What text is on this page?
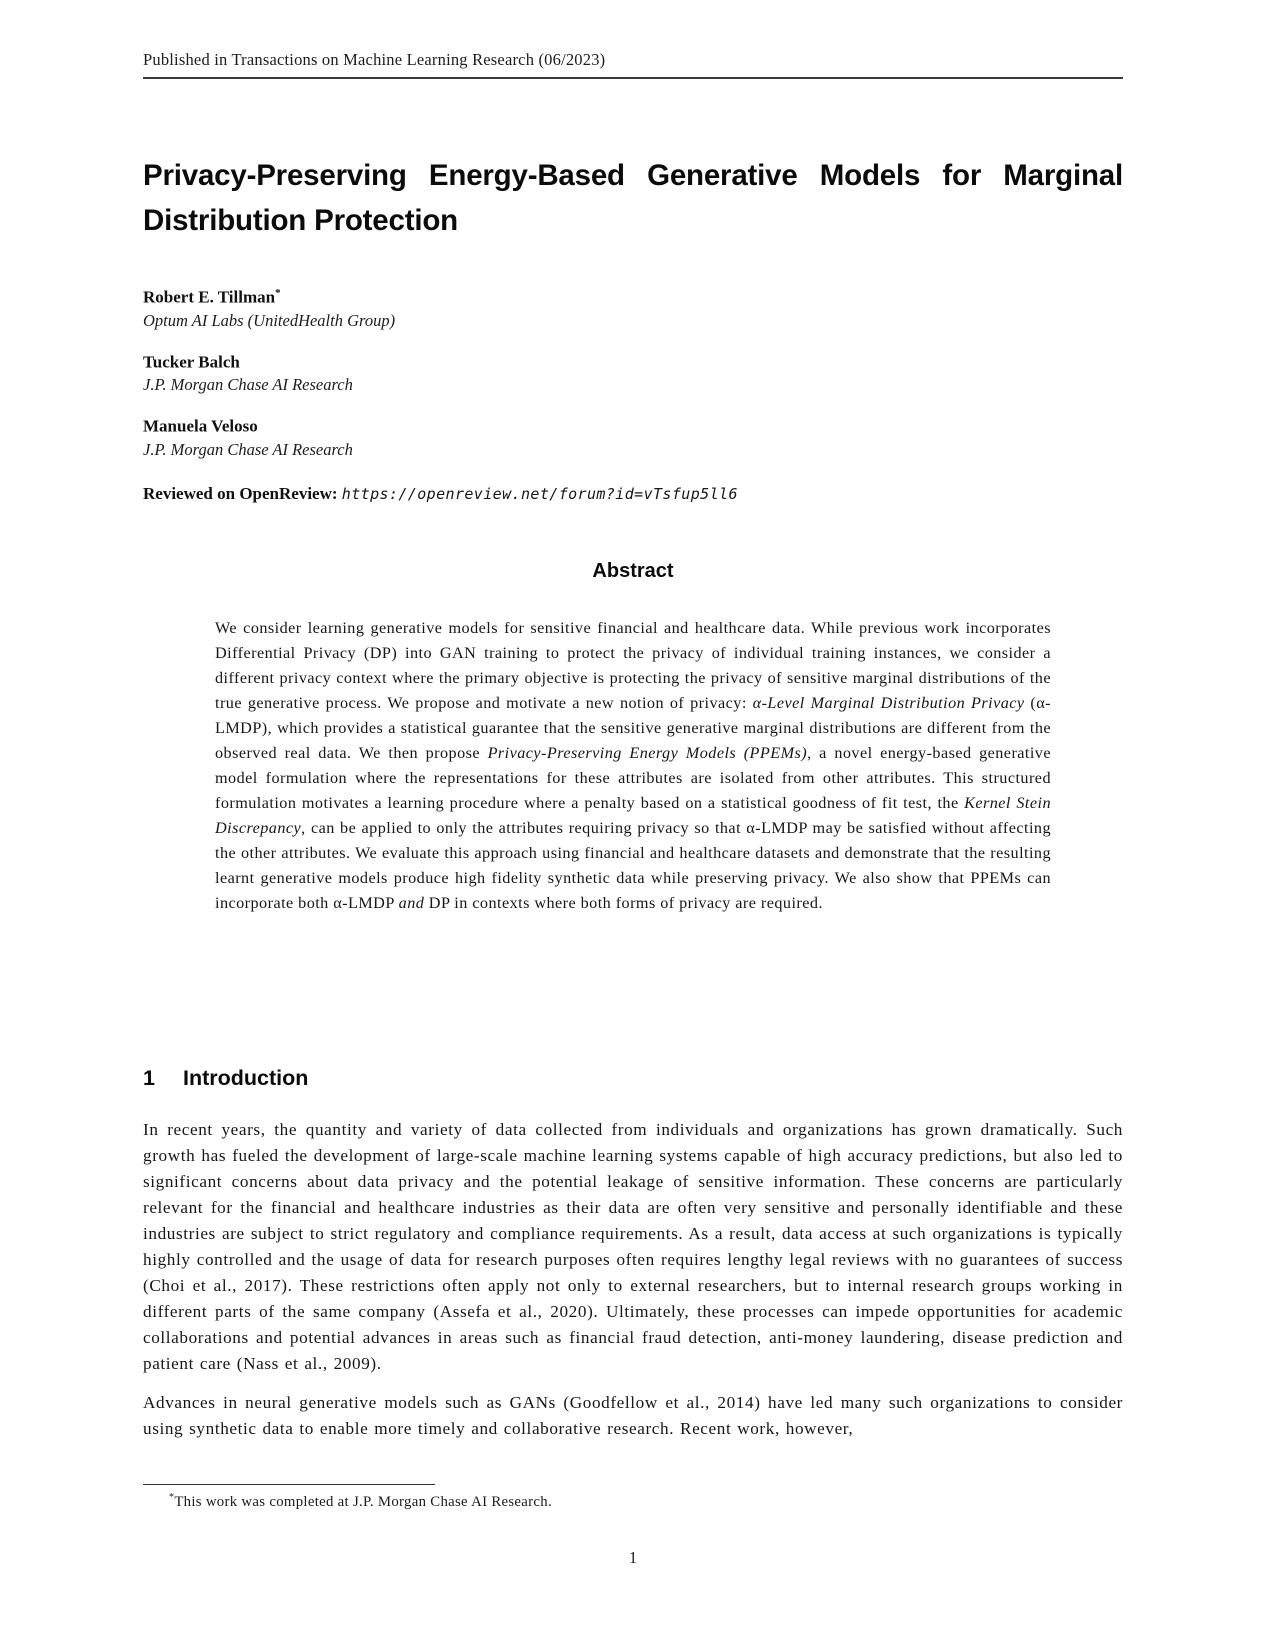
Published in Transactions on Machine Learning Research (06/2023)
Privacy-Preserving Energy-Based Generative Models for Marginal Distribution Protection
Robert E. Tillman*
Optum AI Labs (UnitedHealth Group)
Tucker Balch
J.P. Morgan Chase AI Research
Manuela Veloso
J.P. Morgan Chase AI Research
Reviewed on OpenReview: https://openreview.net/forum?id=vTsfup5ll6
Abstract
We consider learning generative models for sensitive financial and healthcare data. While previous work incorporates Differential Privacy (DP) into GAN training to protect the privacy of individual training instances, we consider a different privacy context where the primary objective is protecting the privacy of sensitive marginal distributions of the true generative process. We propose and motivate a new notion of privacy: α-Level Marginal Distribution Privacy (α-LMDP), which provides a statistical guarantee that the sensitive generative marginal distributions are different from the observed real data. We then propose Privacy-Preserving Energy Models (PPEMs), a novel energy-based generative model formulation where the representations for these attributes are isolated from other attributes. This structured formulation motivates a learning procedure where a penalty based on a statistical goodness of fit test, the Kernel Stein Discrepancy, can be applied to only the attributes requiring privacy so that α-LMDP may be satisfied without affecting the other attributes. We evaluate this approach using financial and healthcare datasets and demonstrate that the resulting learnt generative models produce high fidelity synthetic data while preserving privacy. We also show that PPEMs can incorporate both α-LMDP and DP in contexts where both forms of privacy are required.
1	Introduction

In recent years, the quantity and variety of data collected from individuals and organizations has grown dramatically. Such growth has fueled the development of large-scale machine learning systems capable of high accuracy predictions, but also led to significant concerns about data privacy and the potential leakage of sensitive information. These concerns are particularly relevant for the financial and healthcare industries as their data are often very sensitive and personally identifiable and these industries are subject to strict regulatory and compliance requirements. As a result, data access at such organizations is typically highly controlled and the usage of data for research purposes often requires lengthy legal reviews with no guarantees of success (Choi et al., 2017). These restrictions often apply not only to external researchers, but to internal research groups working in different parts of the same company (Assefa et al., 2020). Ultimately, these processes can impede opportunities for academic collaborations and potential advances in areas such as financial fraud detection, anti-money laundering, disease prediction and patient care (Nass et al., 2009).

Advances in neural generative models such as GANs (Goodfellow et al., 2014) have led many such organizations to consider using synthetic data to enable more timely and collaborative research. Recent work, however,

*This work was completed at J.P. Morgan Chase AI Research.
1
